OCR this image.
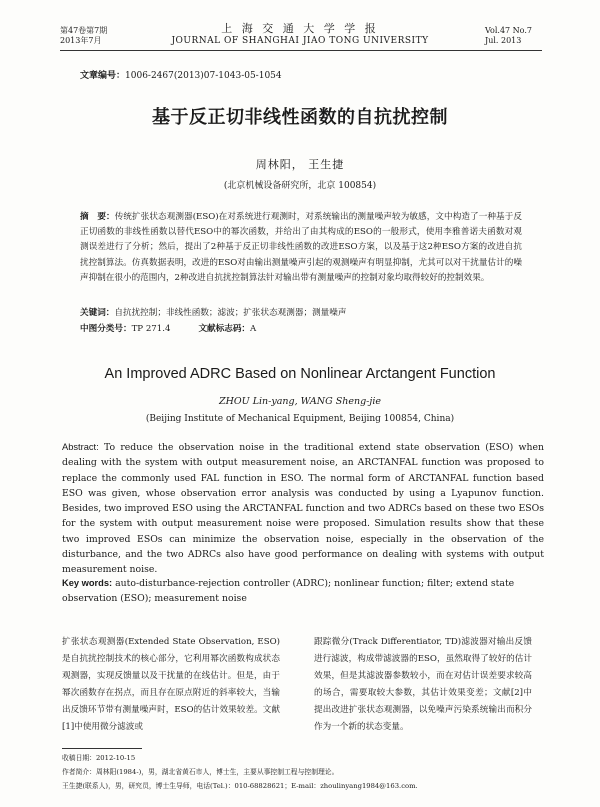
第47卷第7期
2013年7月
上 海 交 通 大 学 学 报
JOURNAL OF SHANGHAI JIAO TONG UNIVERSITY
Vol.47 No.7
Jul. 2013
文章编号：1006-2467(2013)07-1043-05-1054
基于反正切非线性函数的自抗扰控制
周林阳， 王生捷
(北京机械设备研究所，北京 100854)
摘　要：传统扩张状态观测器(ESO)在对系统进行观测时，对系统输出的测量噪声较为敏感，文中构造了一种基于反正切函数的非线性函数以替代ESO中的幂次函数，并给出了由其构成的ESO的一般形式，使用李雅普诺夫函数对观测误差进行了分析；然后，提出了2种基于反正切非线性函数的改进ESO方案，以及基于这2种ESO方案的改进自抗扰控制算法。仿真数据表明，改进的ESO对由输出测量噪声引起的观测噪声有明显抑制，尤其可以对干扰量估计的噪声抑制在很小的范围内，2种改进自抗扰控制算法针对输出带有测量噪声的控制对象均取得较好的控制效果。
关键词：自抗扰控制；非线性函数；滤波；扩张状态观测器；测量噪声
中图分类号：TP 271.4	文献标志码：A
An Improved ADRC Based on Nonlinear Arctangent Function
ZHOU Lin-yang, WANG Sheng-jie
(Beijing Institute of Mechanical Equipment, Beijing 100854, China)
Abstract: To reduce the observation noise in the traditional extend state observation (ESO) when dealing with the system with output measurement noise, an ARCTANFAL function was proposed to replace the commonly used FAL function in ESO. The normal form of ARCTANFAL function based ESO was given, whose observation error analysis was conducted by using a Lyapunov function. Besides, two improved ESO using the ARCTANFAL function and two ADRCs based on these two ESOs for the system with output measurement noise were proposed. Simulation results show that these two improved ESOs can minimize the observation noise, especially in the observation of the disturbance, and the two ADRCs also have good performance on dealing with systems with output measurement noise.
Key words: auto-disturbance-rejection controller (ADRC); nonlinear function; filter; extend state observation (ESO); measurement noise
扩张状态观测器(Extended State Observation, ESO)是自抗扰控制技术的核心部分，它利用幂次函数构成状态观测器，实现反馈量以及干扰量的在线估计。但是，由于幂次函数存在拐点，而且存在原点附近的斜率较大，当输出反馈环节带有测量噪声时，ESO的估计效果较差。文献[1]中使用微分滤波或
跟踪微分(Track Differentiator, TD)滤波器对输出反馈进行滤波，构成带滤波器的ESO，虽然取得了较好的估计效果，但是其滤波器参数较小，而在对估计误差要求较高的场合，需要取较大参数，其估计效果变差；文献[2]中提出改进扩张状态观测器，以免噪声污染系统输出而积分作为一个新的状态变量。
收稿日期：2012-10-15
作者简介：周林阳(1984-)，男，湖北省黄石市人，博士生，主要从事控制工程与控制理论。
王生捷(联系人)，男，研究员，博士生导师，电话(Tel.)：010-68828621；E-mail：zhoulinyang1984@163.com.
